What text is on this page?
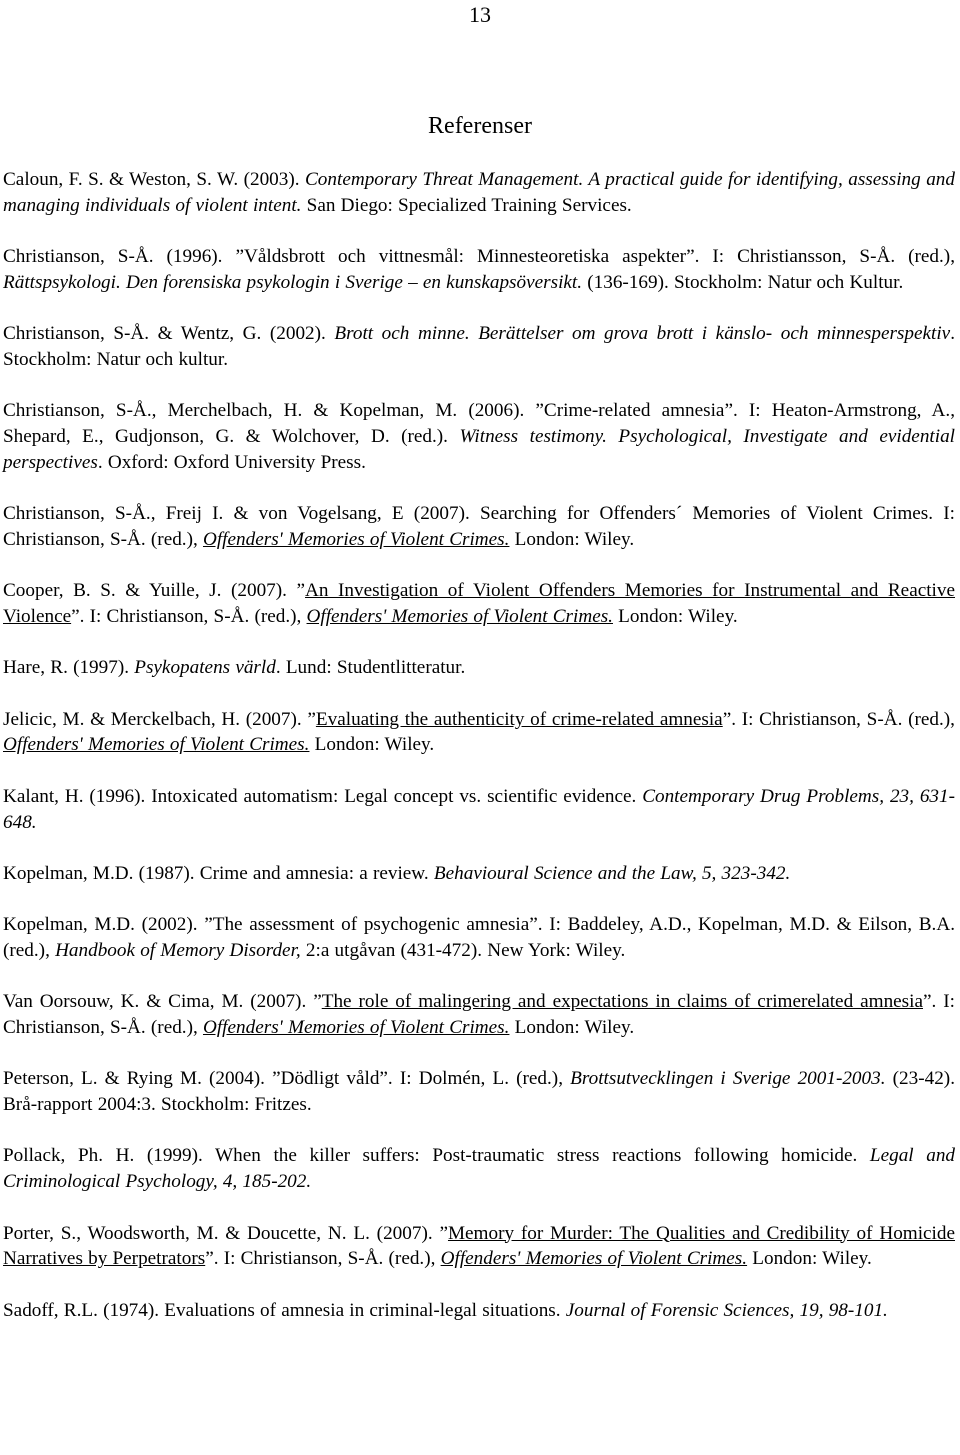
13
Referenser

Caloun, F. S. & Weston, S. W. (2003). Contemporary Threat Management. A practical guide for identifying, assessing and managing individuals of violent intent. San Diego: Specialized Training Services.

Christianson, S-Å. (1996). ”Våldsbrott och vittnesmål: Minnesteoretiska aspekter”. I: Christiansson, S-Å. (red.), Rättspsykologi. Den forensiska psykologin i Sverige – en kunskapsöversikt. (136-169). Stockholm: Natur och Kultur.

Christianson, S-Å. & Wentz, G. (2002). Brott och minne. Berättelser om grova brott i känslo- och minnesperspektiv. Stockholm: Natur och kultur.

Christianson, S-Å., Merchelbach, H. & Kopelman, M. (2006). ”Crime-related amnesia”. I: Heaton-Armstrong, A., Shepard, E., Gudjonson, G. & Wolchover, D. (red.). Witness testimony. Psychological, Investigate and evidential perspectives. Oxford: Oxford University Press.

Christianson, S-Å., Freij I. & von Vogelsang, E (2007). Searching for Offenders´ Memories of Violent Crimes. I: Christianson, S-Å. (red.), Offenders' Memories of Violent Crimes. London: Wiley.

Cooper, B. S. & Yuille, J. (2007). ”An Investigation of Violent Offenders Memories for Instrumental and Reactive Violence”. I: Christianson, S-Å. (red.), Offenders' Memories of Violent Crimes. London: Wiley.

Hare, R. (1997). Psykopatens värld. Lund: Studentlitteratur.

Jelicic, M. & Merckelbach, H. (2007). ”Evaluating the authenticity of crime-related amnesia”. I: Christianson, S-Å. (red.), Offenders' Memories of Violent Crimes. London: Wiley.

Kalant, H. (1996). Intoxicated automatism: Legal concept vs. scientific evidence. Contemporary Drug Problems, 23, 631-648.

Kopelman, M.D. (1987). Crime and amnesia: a review. Behavioural Science and the Law, 5, 323-342.

Kopelman, M.D. (2002). ”The assessment of psychogenic amnesia”. I: Baddeley, A.D., Kopelman, M.D. & Eilson, B.A. (red.), Handbook of Memory Disorder, 2:a utgåvan (431-472). New York: Wiley.

Van Oorsouw, K. & Cima, M. (2007). ”The role of malingering and expectations in claims of crimerelated amnesia”. I: Christianson, S-Å. (red.), Offenders' Memories of Violent Crimes. London: Wiley.

Peterson, L. & Rying M. (2004). ”Dödligt våld”. I: Dolmén, L. (red.), Brottsutvecklingen i Sverige 2001-2003. (23-42). Brå-rapport 2004:3. Stockholm: Fritzes.

Pollack, Ph. H. (1999). When the killer suffers: Post-traumatic stress reactions following homicide. Legal and Criminological Psychology, 4, 185-202.

Porter, S., Woodsworth, M. & Doucette, N. L. (2007). ”Memory for Murder: The Qualities and Credibility of Homicide Narratives by Perpetrators”. I: Christianson, S-Å. (red.), Offenders' Memories of Violent Crimes. London: Wiley.

Sadoff, R.L. (1974). Evaluations of amnesia in criminal-legal situations. Journal of Forensic Sciences, 19, 98-101.
